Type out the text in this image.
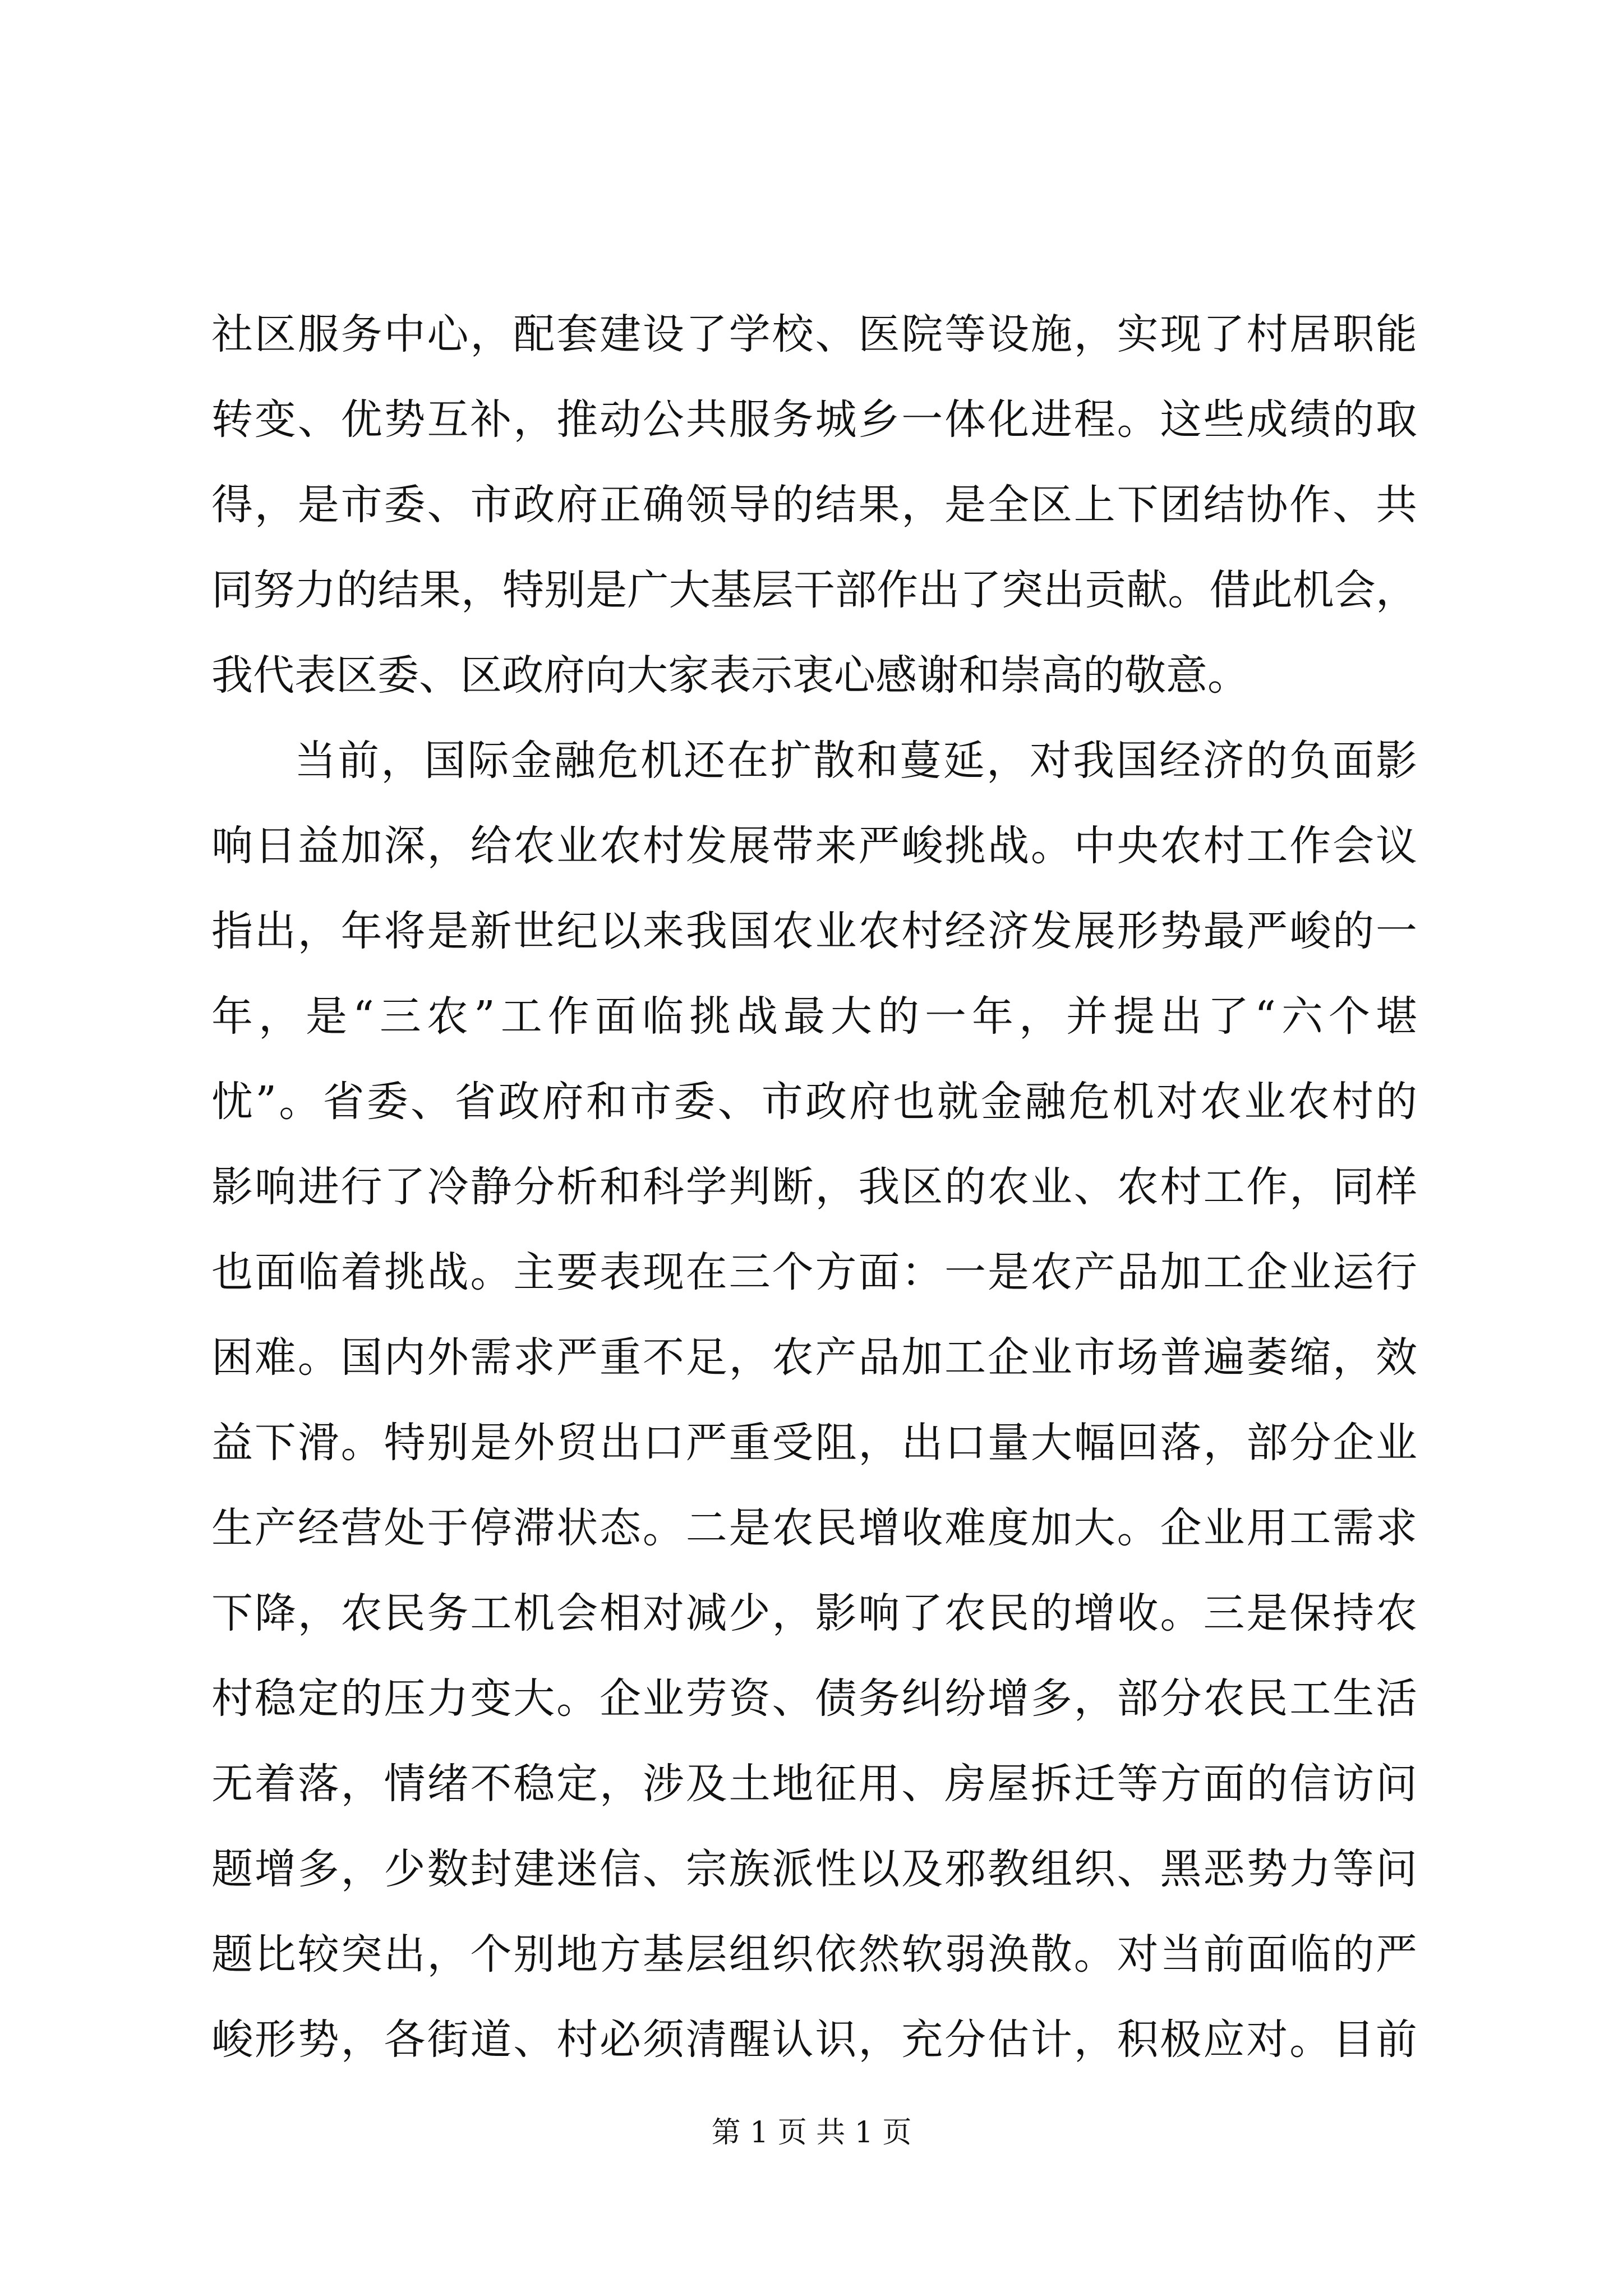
社区服务中心，配套建设了学校、医院等设施，实现了村居职能
转变、优势互补，推动公共服务城乡一体化进程。这些成绩的取
得，是市委、市政府正确领导的结果，是全区上下团结协作、共
同努力的结果，特别是广大基层干部作出了突出贡献。借此机会，
我代表区委、区政府向大家表示衷心感谢和崇高的敬意。
当前，国际金融危机还在扩散和蔓延，对我国经济的负面影
响日益加深，给农业农村发展带来严峻挑战。中央农村工作会议
指出，年将是新世纪以来我国农业农村经济发展形势最严峻的一
年，是“三农”工作面临挑战最大的一年，并提出了“六个堪
忧”。省委、省政府和市委、市政府也就金融危机对农业农村的
影响进行了冷静分析和科学判断，我区的农业、农村工作，同样
也面临着挑战。主要表现在三个方面：一是农产品加工企业运行
困难。国内外需求严重不足，农产品加工企业市场普遍萎缩，效
益下滑。特别是外贸出口严重受阻，出口量大幅回落，部分企业
生产经营处于停滞状态。二是农民增收难度加大。企业用工需求
下降，农民务工机会相对减少，影响了农民的增收。三是保持农
村稳定的压力变大。企业劳资、债务纠纷增多，部分农民工生活
无着落，情绪不稳定，涉及土地征用、房屋拆迁等方面的信访问
题增多，少数封建迷信、宗族派性以及邪教组织、黑恶势力等问
题比较突出，个别地方基层组织依然软弱涣散。对当前面临的严
峻形势，各街道、村必须清醒认识，充分估计，积极应对。目前
第 1 页 共 1 页
